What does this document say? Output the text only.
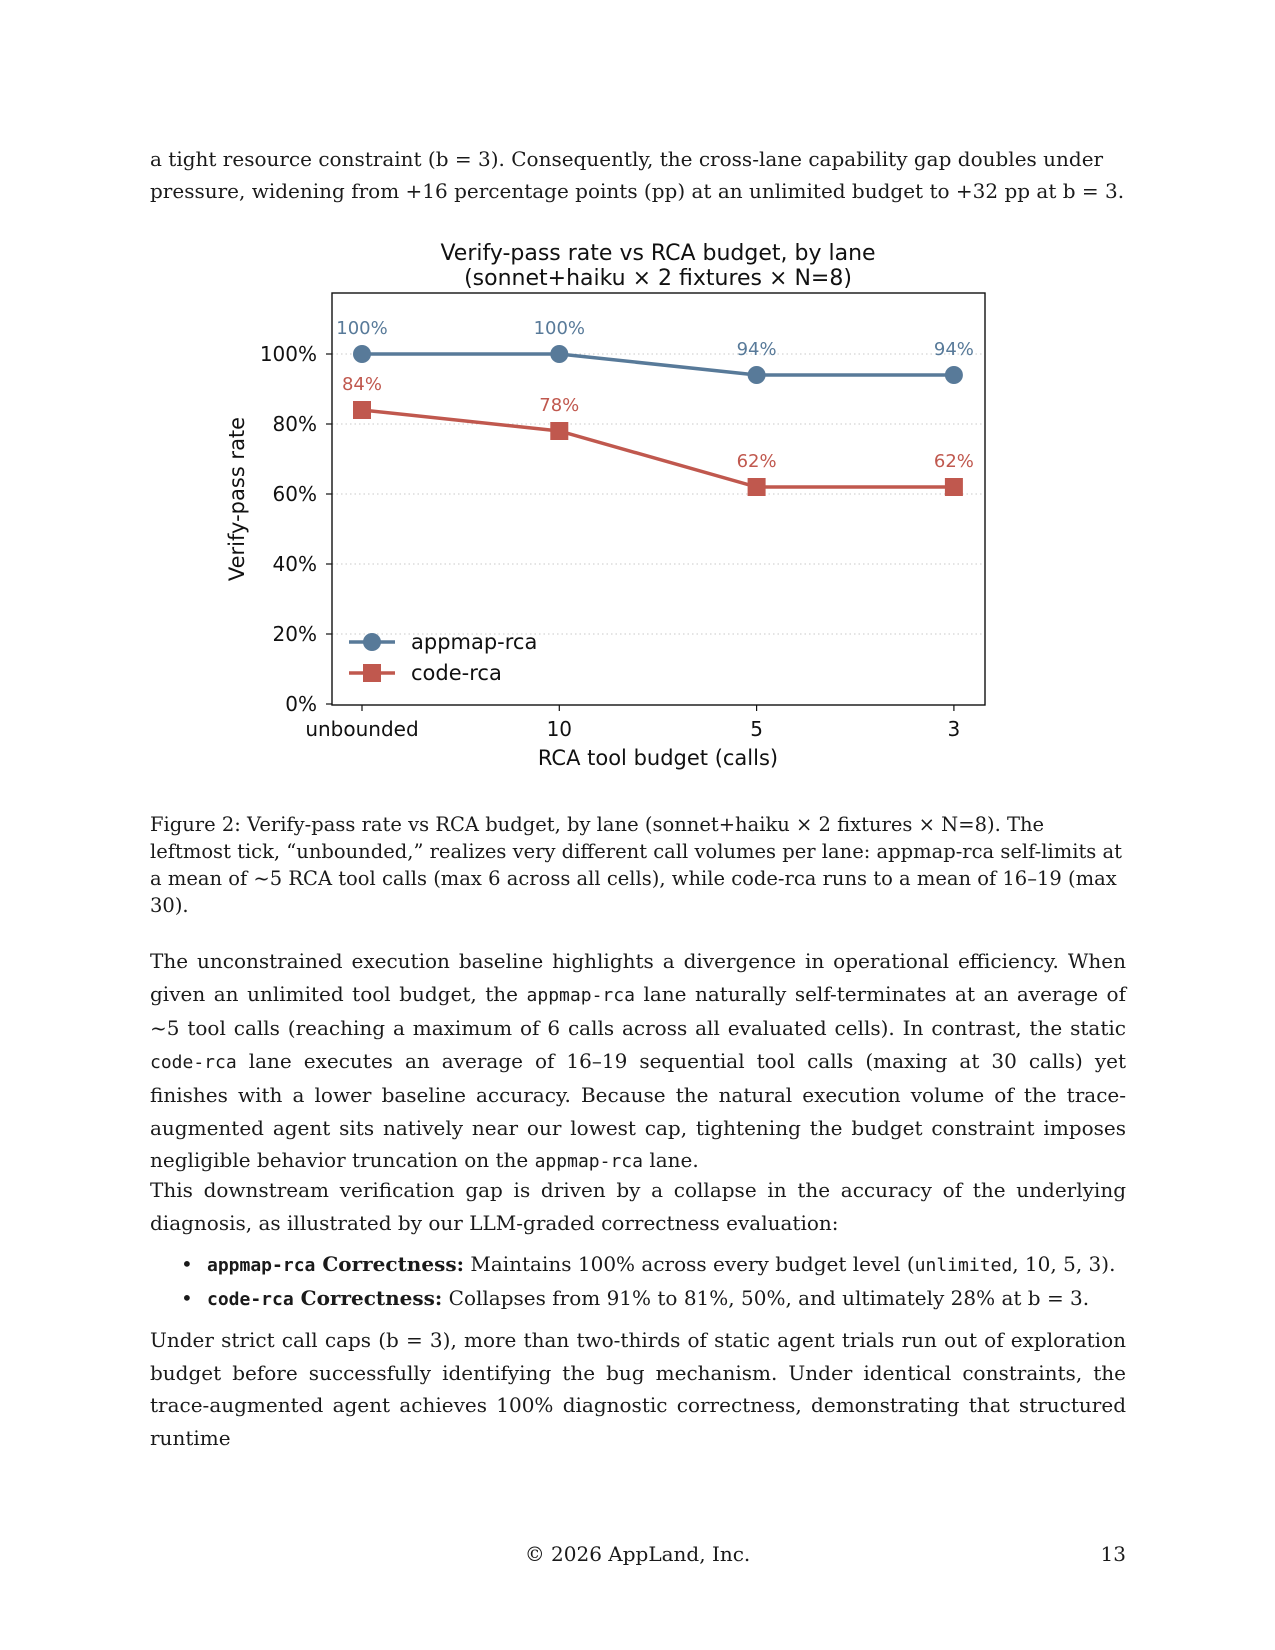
a tight resource constraint (b = 3). Consequently, the cross-lane capability gap doubles under

pressure, widening from +16 percentage points (pp) at an unlimited budget to +32 pp at b = 3.

Verify-pass rate vs RCA budget, by lane
(sonnet+haiku × 2 fixtures × N=8)
0%
20%
40%
60%
80%
100%
unbounded	10	5	3
100%	100%
94%	94%
84%
78%
62%	62%
RCA tool budget (calls)
Verify-pass rate
appmap-rca
code-rca

Figure 2: Verify-pass rate vs RCA budget, by lane (sonnet+haiku × 2 fixtures × N=8). The

leftmost tick, “unbounded,” realizes very different call volumes per lane: appmap-rca self-limits at

a mean of ~5 RCA tool calls (max 6 across all cells), while code-rca runs to a mean of 16–19 (max

30).

The unconstrained execution baseline highlights a divergence in operational efficiency. When given an unlimited tool budget, the appmap-rca lane naturally self-terminates at an average of ~5 tool calls (reaching a maximum of 6 calls across all evaluated cells). In contrast, the static code-rca lane executes an average of 16–19 sequential tool calls (maxing at 30 calls) yet finishes with a lower baseline accuracy. Because the natural execution volume of the trace-augmented agent sits natively near our lowest cap, tightening the budget constraint imposes negligible behavior truncation on the appmap-rca lane.

This downstream verification gap is driven by a collapse in the accuracy of the underlying diagnosis, as illustrated by our LLM-graded correctness evaluation:

• appmap-rca Correctness: Maintains 100% across every budget level (unlimited, 10, 5, 3).
• code-rca Correctness: Collapses from 91% to 81%, 50%, and ultimately 28% at b = 3.

Under strict call caps (b = 3), more than two-thirds of static agent trials run out of exploration budget before successfully identifying the bug mechanism. Under identical constraints, the trace-augmented agent achieves 100% diagnostic correctness, demonstrating that structured runtime

© 2026 AppLand, Inc.	13
